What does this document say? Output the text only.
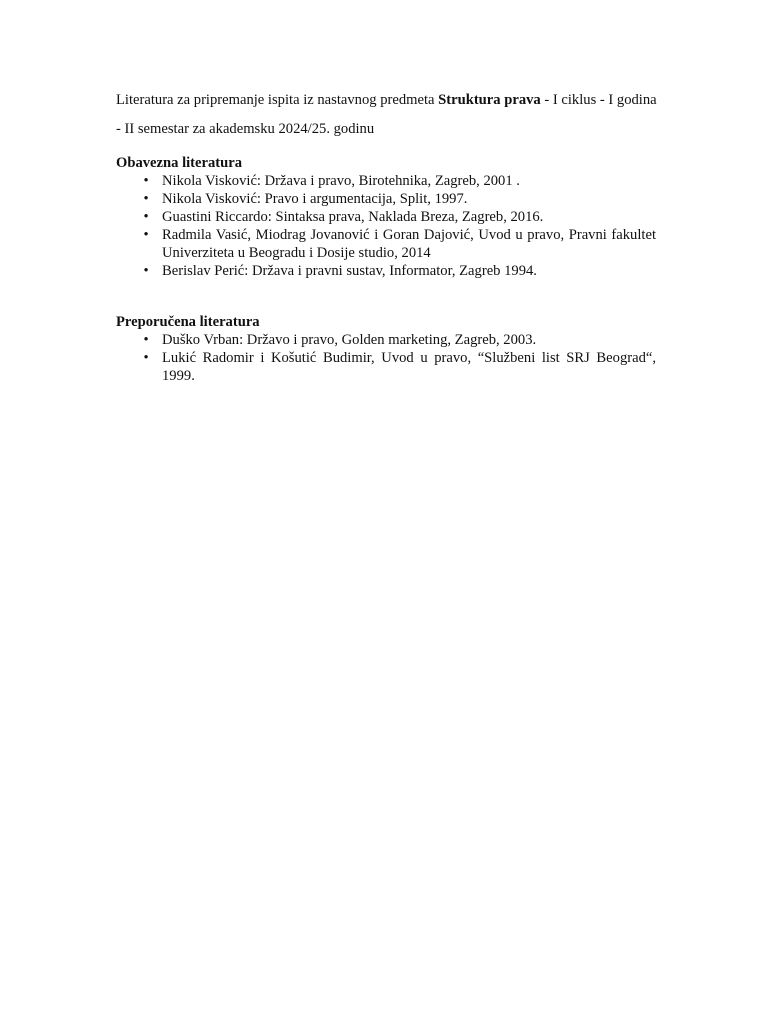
Literatura za pripremanje ispita iz nastavnog predmeta Struktura prava - I ciklus - I godina - II semestar za akademsku 2024/25. godinu

Obavezna literatura

• Nikola Visković: Država i pravo, Birotehnika, Zagreb, 2001 .
• Nikola Visković: Pravo i argumentacija, Split, 1997.
• Guastini Riccardo: Sintaksa prava, Naklada Breza, Zagreb, 2016.
• Radmila Vasić, Miodrag Jovanović i Goran Dajović, Uvod u pravo, Pravni fakultet Univerziteta u Beogradu i Dosije studio, 2014
• Berislav Perić: Država i pravni sustav, Informator, Zagreb 1994.

Preporučena literatura

• Duško Vrban: Državo i pravo, Golden marketing, Zagreb, 2003.
• Lukić Radomir i Košutić Budimir, Uvod u pravo, “Službeni list SRJ Beograd“, 1999.
